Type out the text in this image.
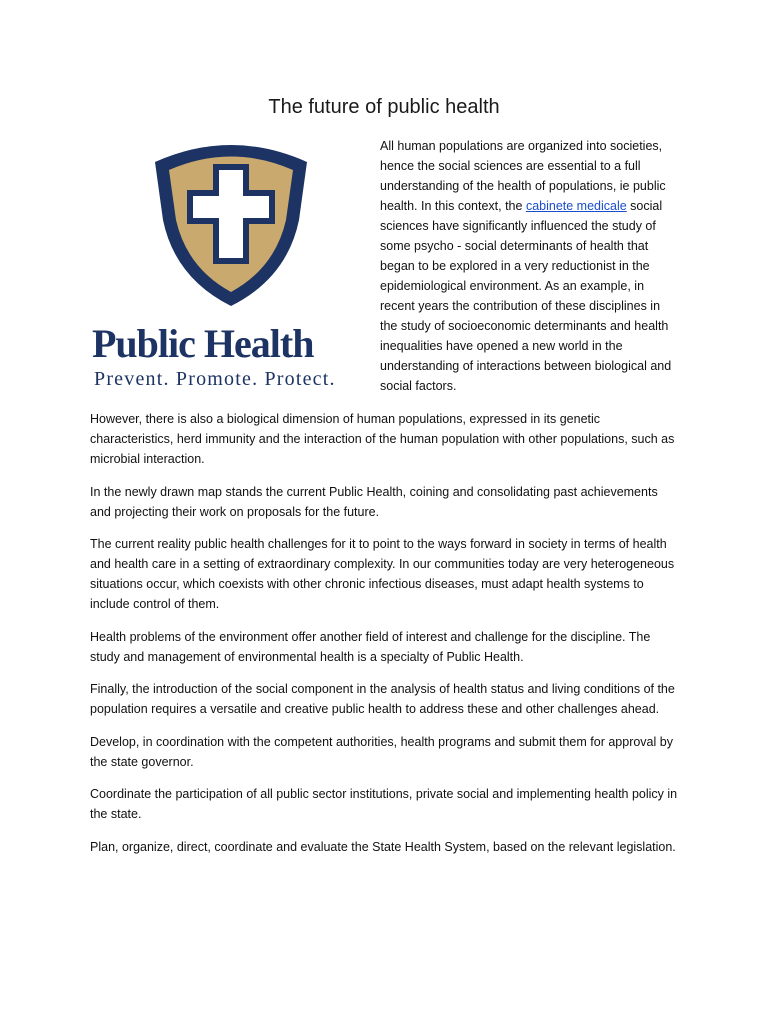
The future of public health
Public Health
Prevent. Promote. Protect.
All human populations are organized into societies, hence the social sciences are essential to a full understanding of the health of populations, ie public health. In this context, the cabinete medicale social sciences have significantly influenced the study of some psycho - social determinants of health that began to be explored in a very reductionist in the epidemiological environment. As an example, in recent years the contribution of these disciplines in the study of socioeconomic determinants and health inequalities have opened a new world in the understanding of interactions between biological and social factors.

However, there is also a biological dimension of human populations, expressed in its genetic characteristics, herd immunity and the interaction of the human population with other populations, such as microbial interaction.

In the newly drawn map stands the current Public Health, coining and consolidating past achievements and projecting their work on proposals for the future.

The current reality public health challenges for it to point to the ways forward in society in terms of health and health care in a setting of extraordinary complexity. In our communities today are very heterogeneous situations occur, which coexists with other chronic infectious diseases, must adapt health systems to include control of them.

Health problems of the environment offer another field of interest and challenge for the discipline. The study and management of environmental health is a specialty of Public Health.

Finally, the introduction of the social component in the analysis of health status and living conditions of the population requires a versatile and creative public health to address these and other challenges ahead.

Develop, in coordination with the competent authorities, health programs and submit them for approval by the state governor.

Coordinate the participation of all public sector institutions, private social and implementing health policy in the state.

Plan, organize, direct, coordinate and evaluate the State Health System, based on the relevant legislation.
